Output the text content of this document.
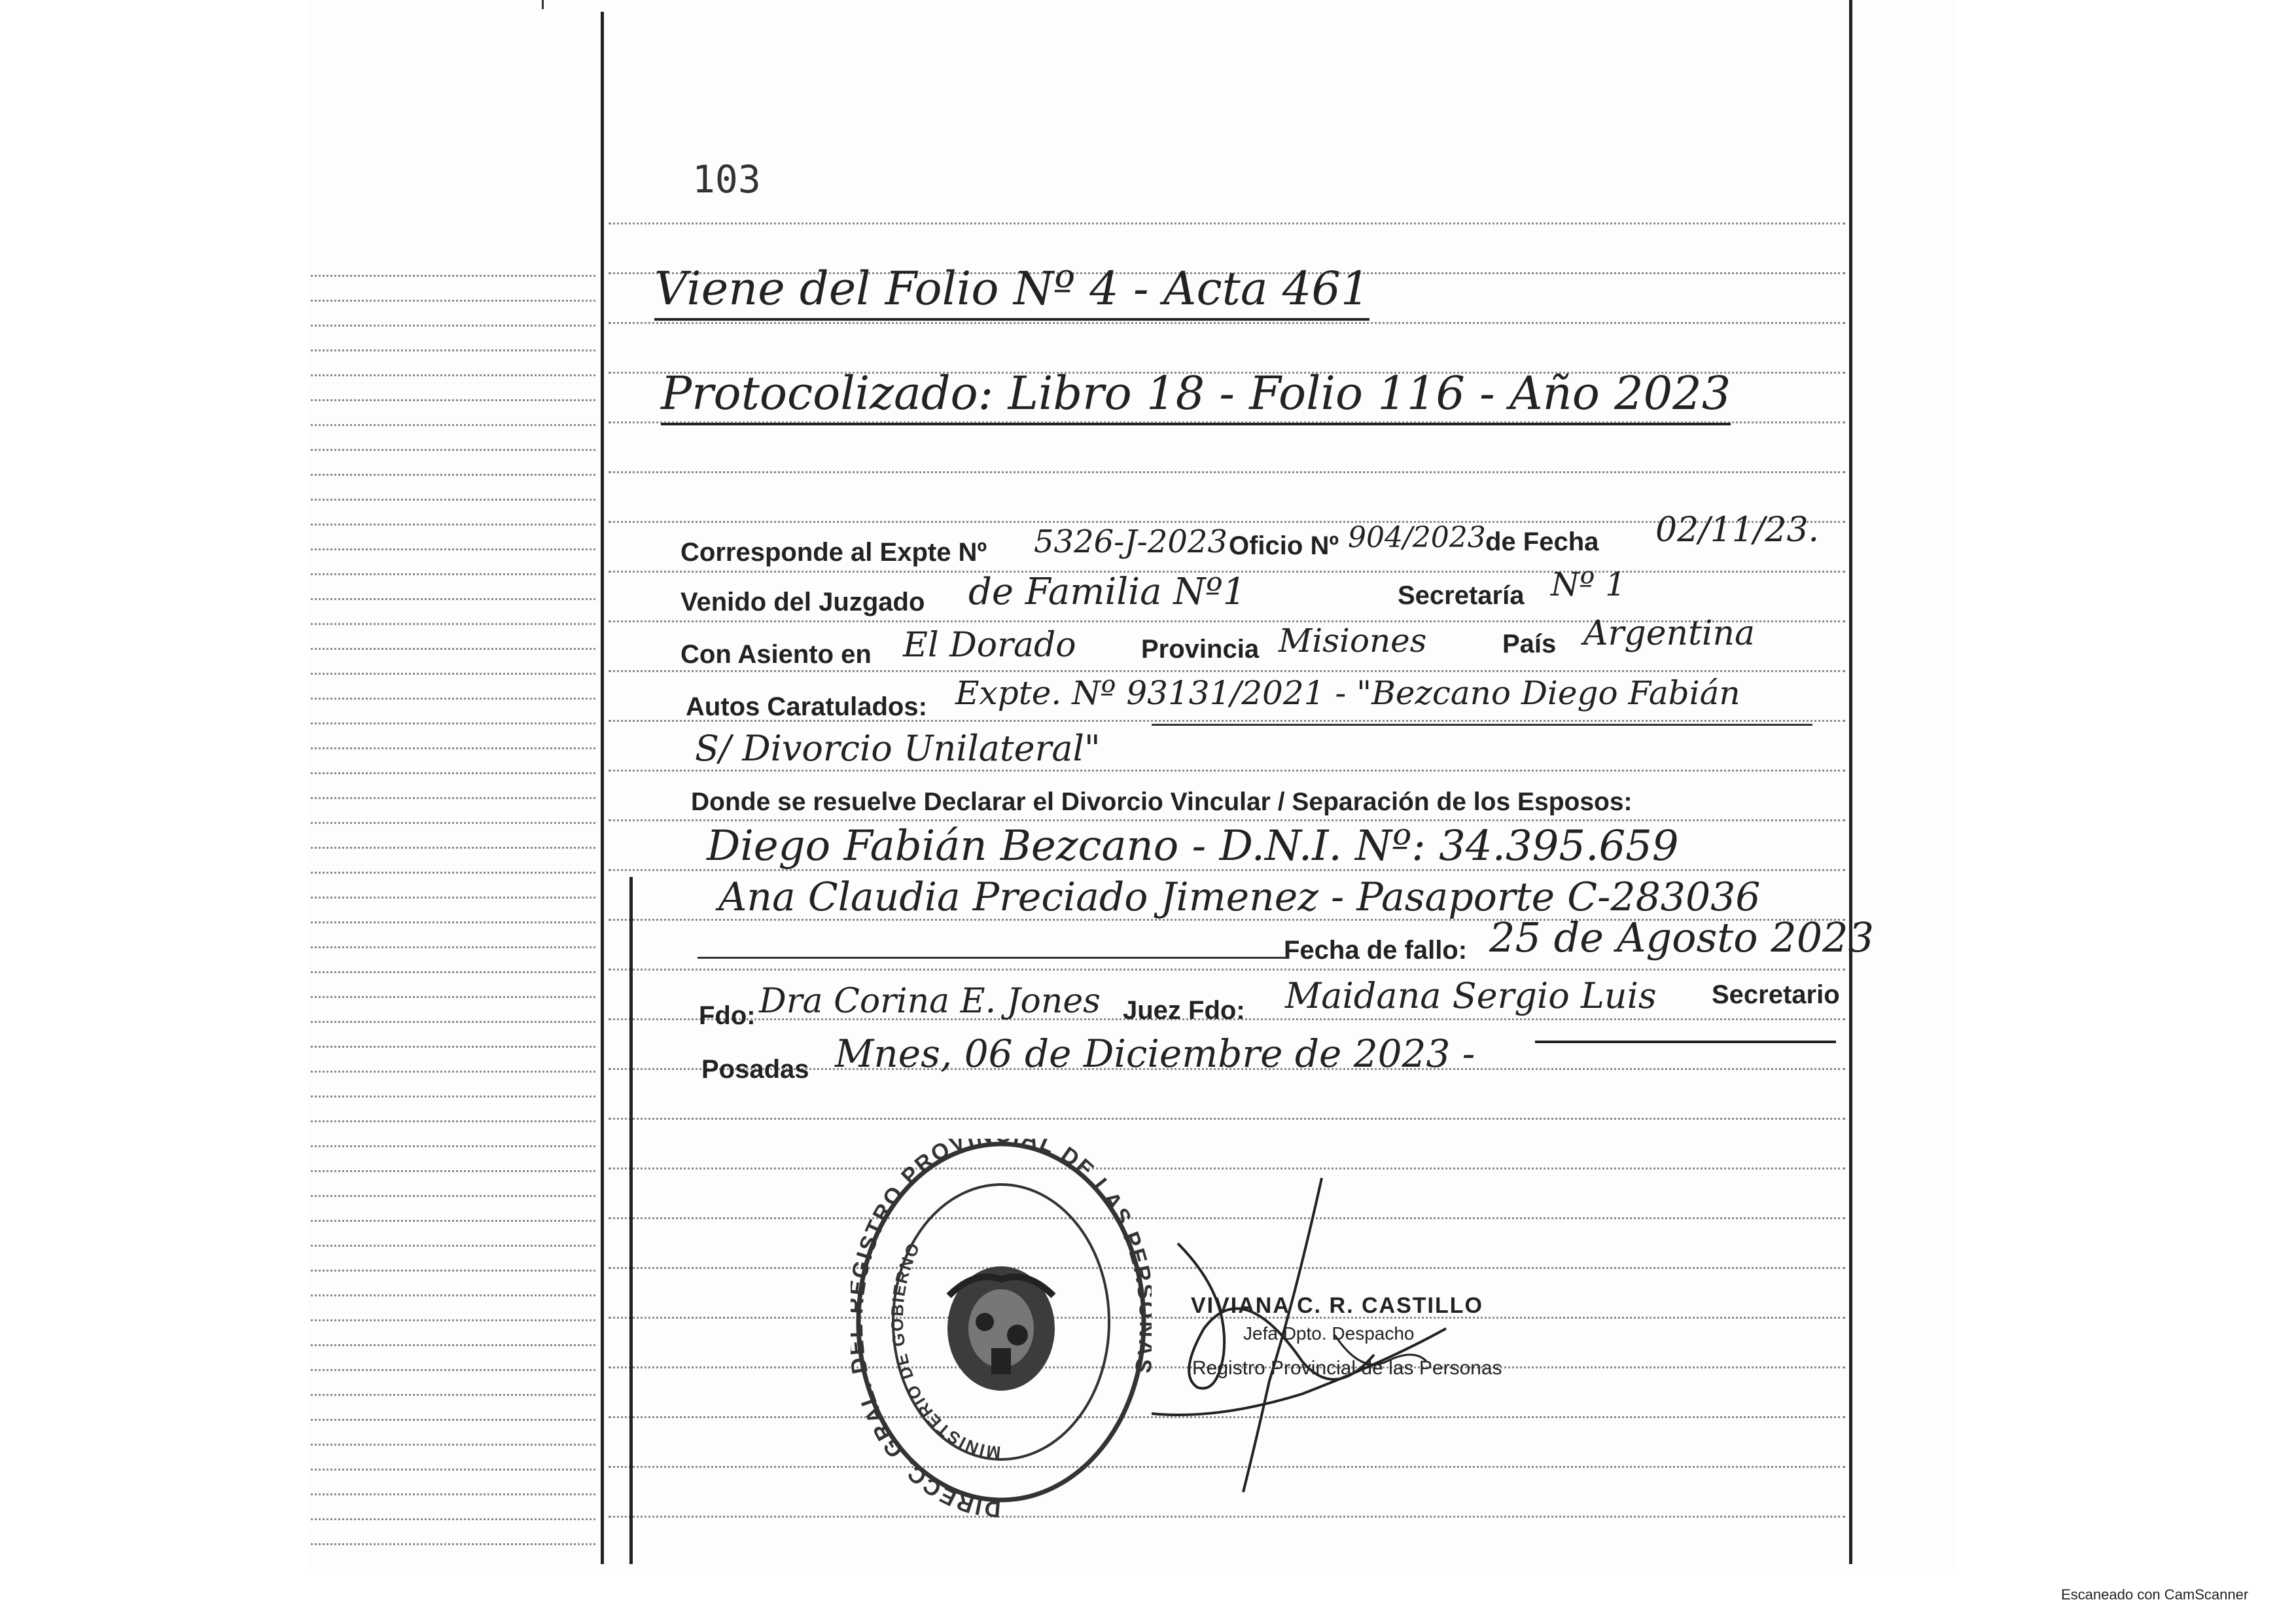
103
Viene del Folio Nº 4 - Acta 461
Protocolizado: Libro 18 - Folio 116 - Año 2023
Corresponde al Expte Nº 5326-J-2023 Oficio Nº 904/2023 de Fecha 02/11/23.
Venido del Juzgado de Familia Nº1	Secretaría Nº 1
Con Asiento en El Dorado Provincia Misiones	País Argentina
Autos Caratulados: Expte. Nº 93131/2021 - "Bezcano Diego Fabián
S/ Divorcio Unilateral"
Donde se resuelve Declarar el Divorcio Vincular / Separación de los Esposos:
Diego Fabián Bezcano - D.N.I. Nº: 34.395.659
Ana Claudia Preciado Jimenez - Pasaporte C-283036
Fecha de fallo: 25 de Agosto 2023
Fdo: Dra Corina E. Jones Juez Fdo: Maidana Sergio Luis Secretario
Posadas Mnes, 06 de Diciembre de 2023 -
DIRECC. GRAL. ISTRO PROVI AL DE LAS PE
MINISTERIO DE GOBIERNO
VIVIANA C. R. CASTILLO
Jefa Dpto. Despacho
Registro Provincial de las Personas
Escaneado con CamScanner
